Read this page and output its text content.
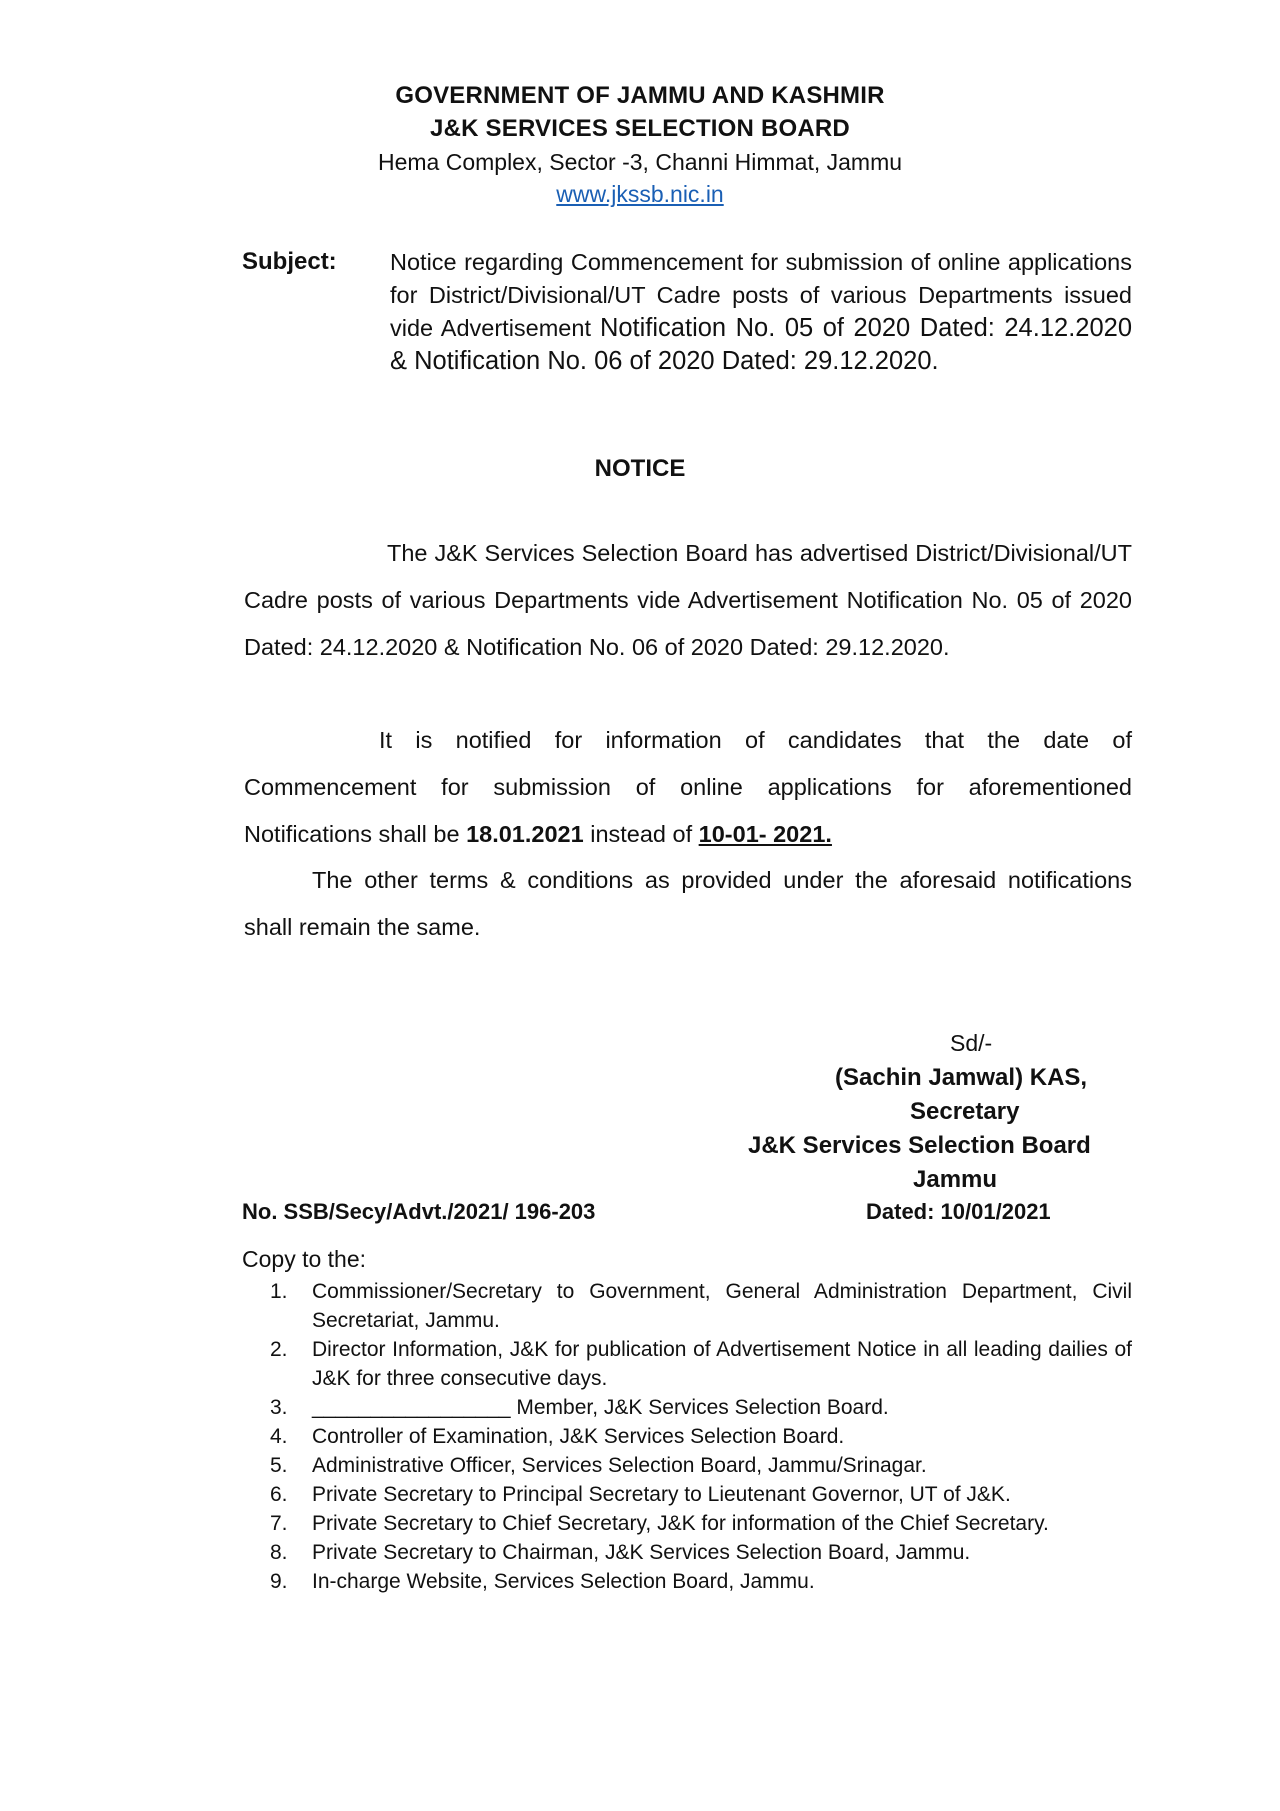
GOVERNMENT OF JAMMU AND KASHMIR
J&K SERVICES SELECTION BOARD
Hema Complex, Sector -3, Channi Himmat, Jammu
www.jkssb.nic.in
Subject: Notice regarding Commencement for submission of online applications for District/Divisional/UT Cadre posts of various Departments issued vide Advertisement Notification No. 05 of 2020 Dated: 24.12.2020 & Notification No. 06 of 2020 Dated: 29.12.2020.
NOTICE
The J&K Services Selection Board has advertised District/Divisional/UT Cadre posts of various Departments vide Advertisement Notification No. 05 of 2020 Dated: 24.12.2020 & Notification No. 06 of 2020 Dated: 29.12.2020.
It is notified for information of candidates that the date of Commencement for submission of online applications for aforementioned Notifications shall be 18.01.2021 instead of 10-01- 2021.
The other terms & conditions as provided under the aforesaid notifications shall remain the same.
Sd/-
(Sachin Jamwal) KAS,
Secretary
J&K Services Selection Board
Jammu
No. SSB/Secy/Advt./2021/ 196-203	Dated: 10/01/2021
Copy to the:
1.	Commissioner/Secretary to Government, General Administration Department, Civil Secretariat, Jammu.
2.	Director Information, J&K for publication of Advertisement Notice in all leading dailies of J&K for three consecutive days.
3.	_________________ Member, J&K Services Selection Board.
4.	Controller of Examination, J&K Services Selection Board.
5.	Administrative Officer, Services Selection Board, Jammu/Srinagar.
6.	Private Secretary to Principal Secretary to Lieutenant Governor, UT of J&K.
7.	Private Secretary to Chief Secretary, J&K for information of the Chief Secretary.
8.	Private Secretary to Chairman, J&K Services Selection Board, Jammu.
9.	In-charge Website, Services Selection Board, Jammu.
